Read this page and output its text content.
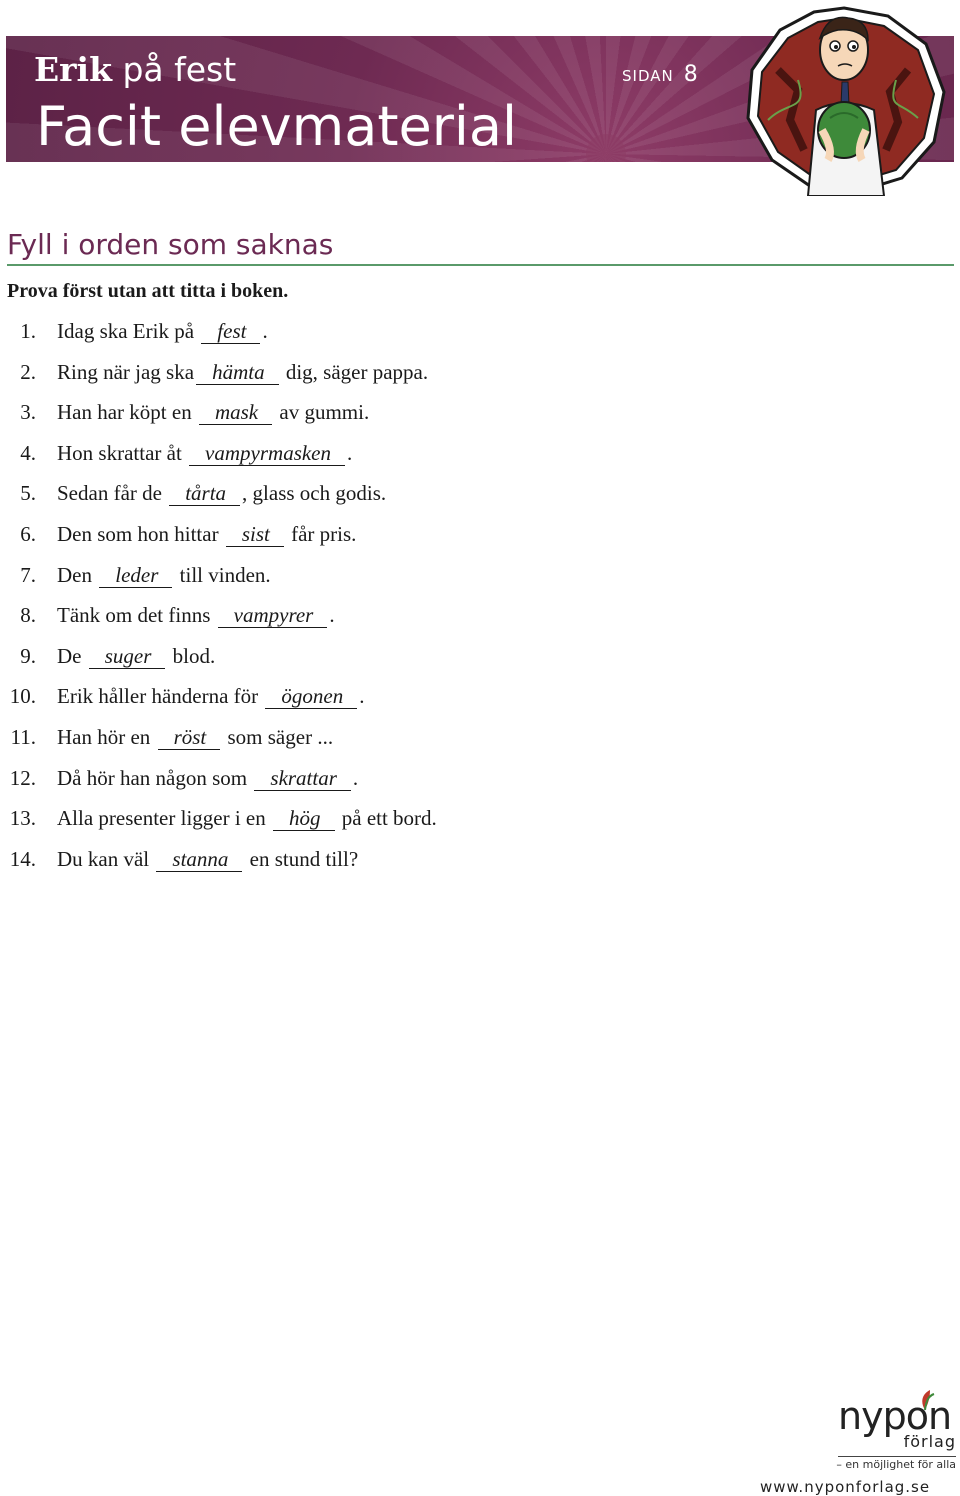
Erik på fest	SIDAN 8
Facit elevmaterial
Fyll i orden som saknas
Prova först utan att titta i boken.
1. Idag ska Erik på fest .
2. Ring när jag ska hämta dig, säger pappa.
3. Han har köpt en mask av gummi.
4. Hon skrattar åt vampyrmasken .
5. Sedan får de tårta , glass och godis.
6. Den som hon hittar sist får pris.
7. Den leder till vinden.
8. Tänk om det finns vampyrer .
9. De suger blod.
10. Erik håller händerna för ögonen .
11. Han hör en röst som säger ...
12. Då hör han någon som skrattar .
13. Alla presenter ligger i en hög på ett bord.
14. Du kan väl stanna en stund till?
nypon
förlag
– en möjlighet för alla
www.nyponforlag.se
